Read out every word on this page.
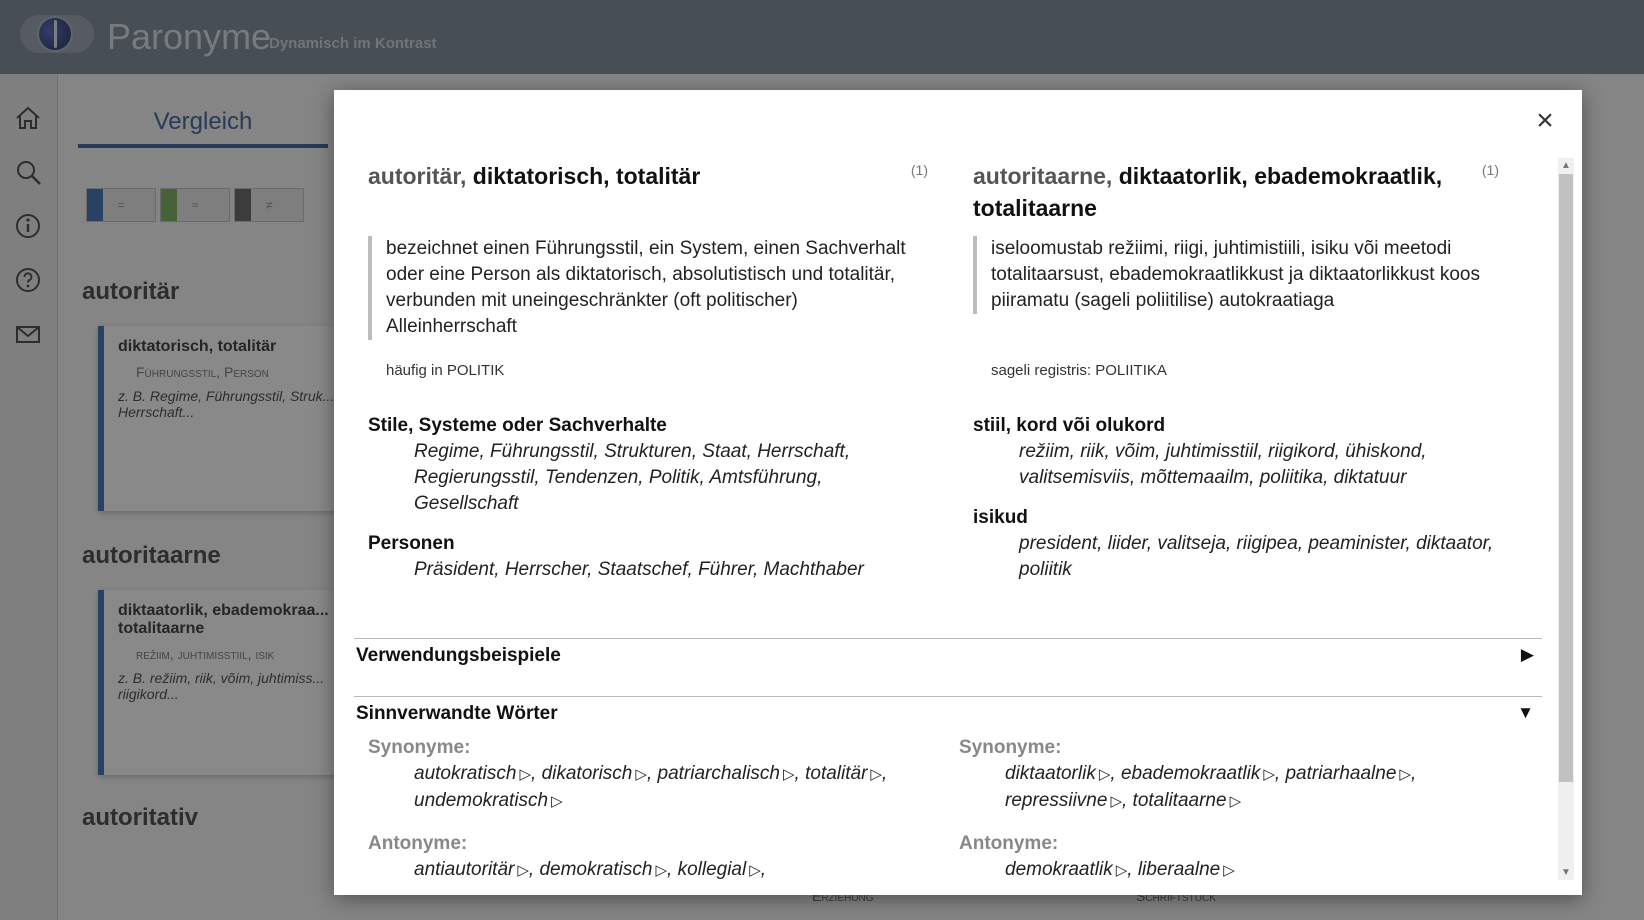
×
▲
▼
(1)
autoritär, diktatorisch, totalitär
bezeichnet einen Führungsstil, ein System, einen Sachverhalt oder eine Person als diktatorisch, absolutistisch und totalitär, verbunden mit uneingeschränkter (oft politischer) Alleinherrschaft
häufig in POLITIK
Stile, Systeme oder Sachverhalte
Regime, Führungsstil, Strukturen, Staat, Herrschaft, Regierungsstil, Tendenzen, Politik, Amtsführung, Gesellschaft
Personen
Präsident, Herrscher, Staatschef, Führer, Machthaber
(1)
autoritaarne, diktaatorlik, ebademokraatlik, totalitaarne
iseloomustab režiimi, riigi, juhtimistiili, isiku või meetodi totalitaarsust, ebademokraatlikkust ja diktaatorlikkust koos piiramatu (sageli poliitilise) autokraatiaga
sageli registris: POLIITIKA
stiil, kord või olukord
režiim, riik, võim, juhtimisstiil, riigikord, ühiskond, valitsemisviis, mõttemaailm, poliitika, diktatuur
isikud
president, liider, valitseja, riigipea, peaminister, diktaator, poliitik
Verwendungsbeispiele	▶
Sinnverwandte Wörter	▼
Synonyme:
autokratisch ▷, dikatorisch ▷, patriarchalisch ▷, totalitär ▷, undemokratisch ▷
Antonyme:
antiautoritär ▷, demokratisch ▷, kollegial ▷,
Synonyme:
diktaatorlik ▷, ebademokraatlik ▷, patriarhaalne ▷, repressiivne ▷, totalitaarne ▷
Antonyme:
demokraatlik ▷, liberaalne ▷
